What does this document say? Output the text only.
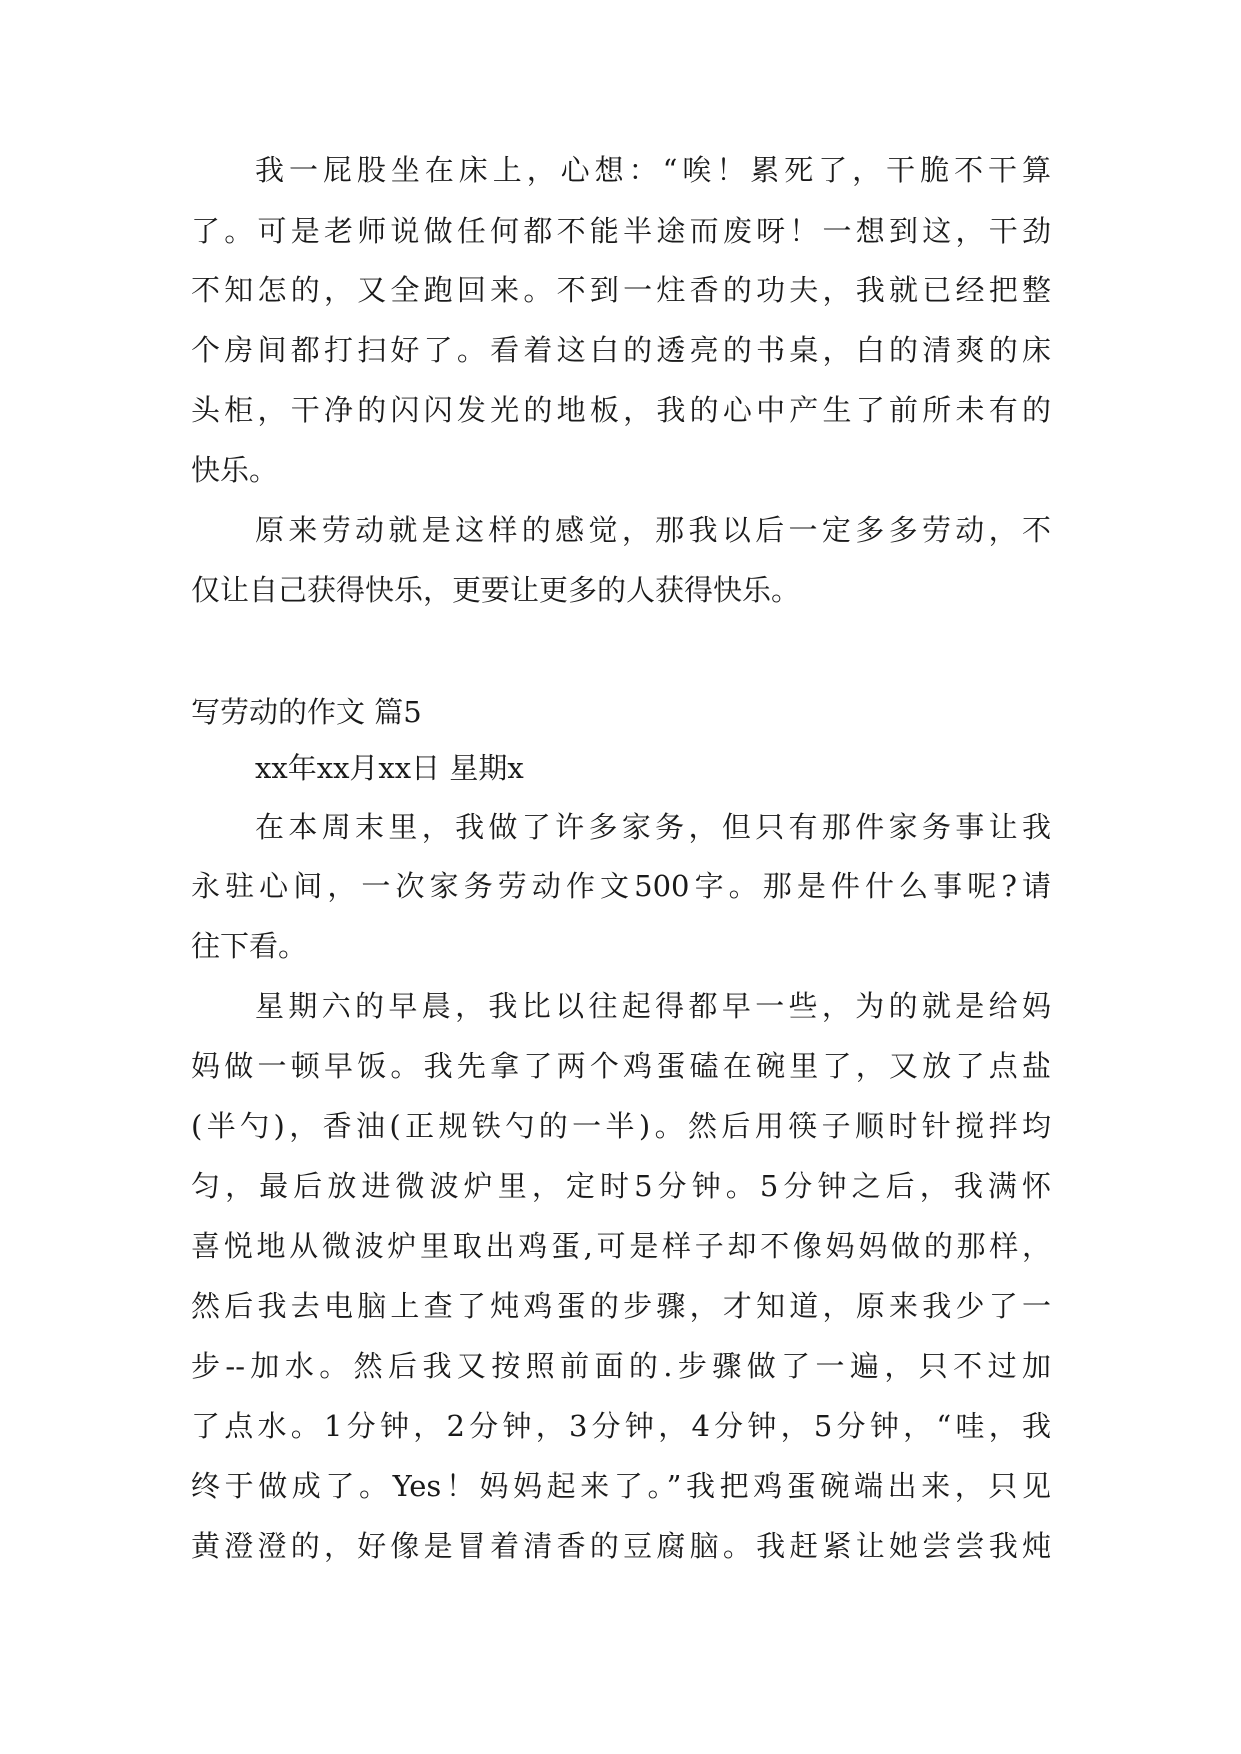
我一屁股坐在床上，心想：“唉！累死了，干脆不干算
了。可是老师说做任何都不能半途而废呀！一想到这，干劲
不知怎的，又全跑回来。不到一炷香的功夫，我就已经把整
个房间都打扫好了。看着这白的透亮的书桌，白的清爽的床
头柜，干净的闪闪发光的地板，我的心中产生了前所未有的
快乐。
原来劳动就是这样的感觉，那我以后一定多多劳动，不
仅让自己获得快乐，更要让更多的人获得快乐。
写劳动的作文 篇5
xx年xx月xx日 星期x
在本周末里，我做了许多家务，但只有那件家务事让我
永驻心间，一次家务劳动作文500字。那是件什么事呢?请
往下看。
星期六的早晨，我比以往起得都早一些，为的就是给妈
妈做一顿早饭。我先拿了两个鸡蛋磕在碗里了，又放了点盐
(半勺)，香油(正规铁勺的一半)。然后用筷子顺时针搅拌均
匀，最后放进微波炉里，定时5分钟。5分钟之后，我满怀
喜悦地从微波炉里取出鸡蛋,可是样子却不像妈妈做的那样，
然后我去电脑上查了炖鸡蛋的步骤，才知道，原来我少了一
步--加水。然后我又按照前面的.步骤做了一遍，只不过加
了点水。1分钟，2分钟，3分钟，4分钟，5分钟，“哇，我
终于做成了。Yes！妈妈起来了。”我把鸡蛋碗端出来，只见
黄澄澄的，好像是冒着清香的豆腐脑。我赶紧让她尝尝我炖
